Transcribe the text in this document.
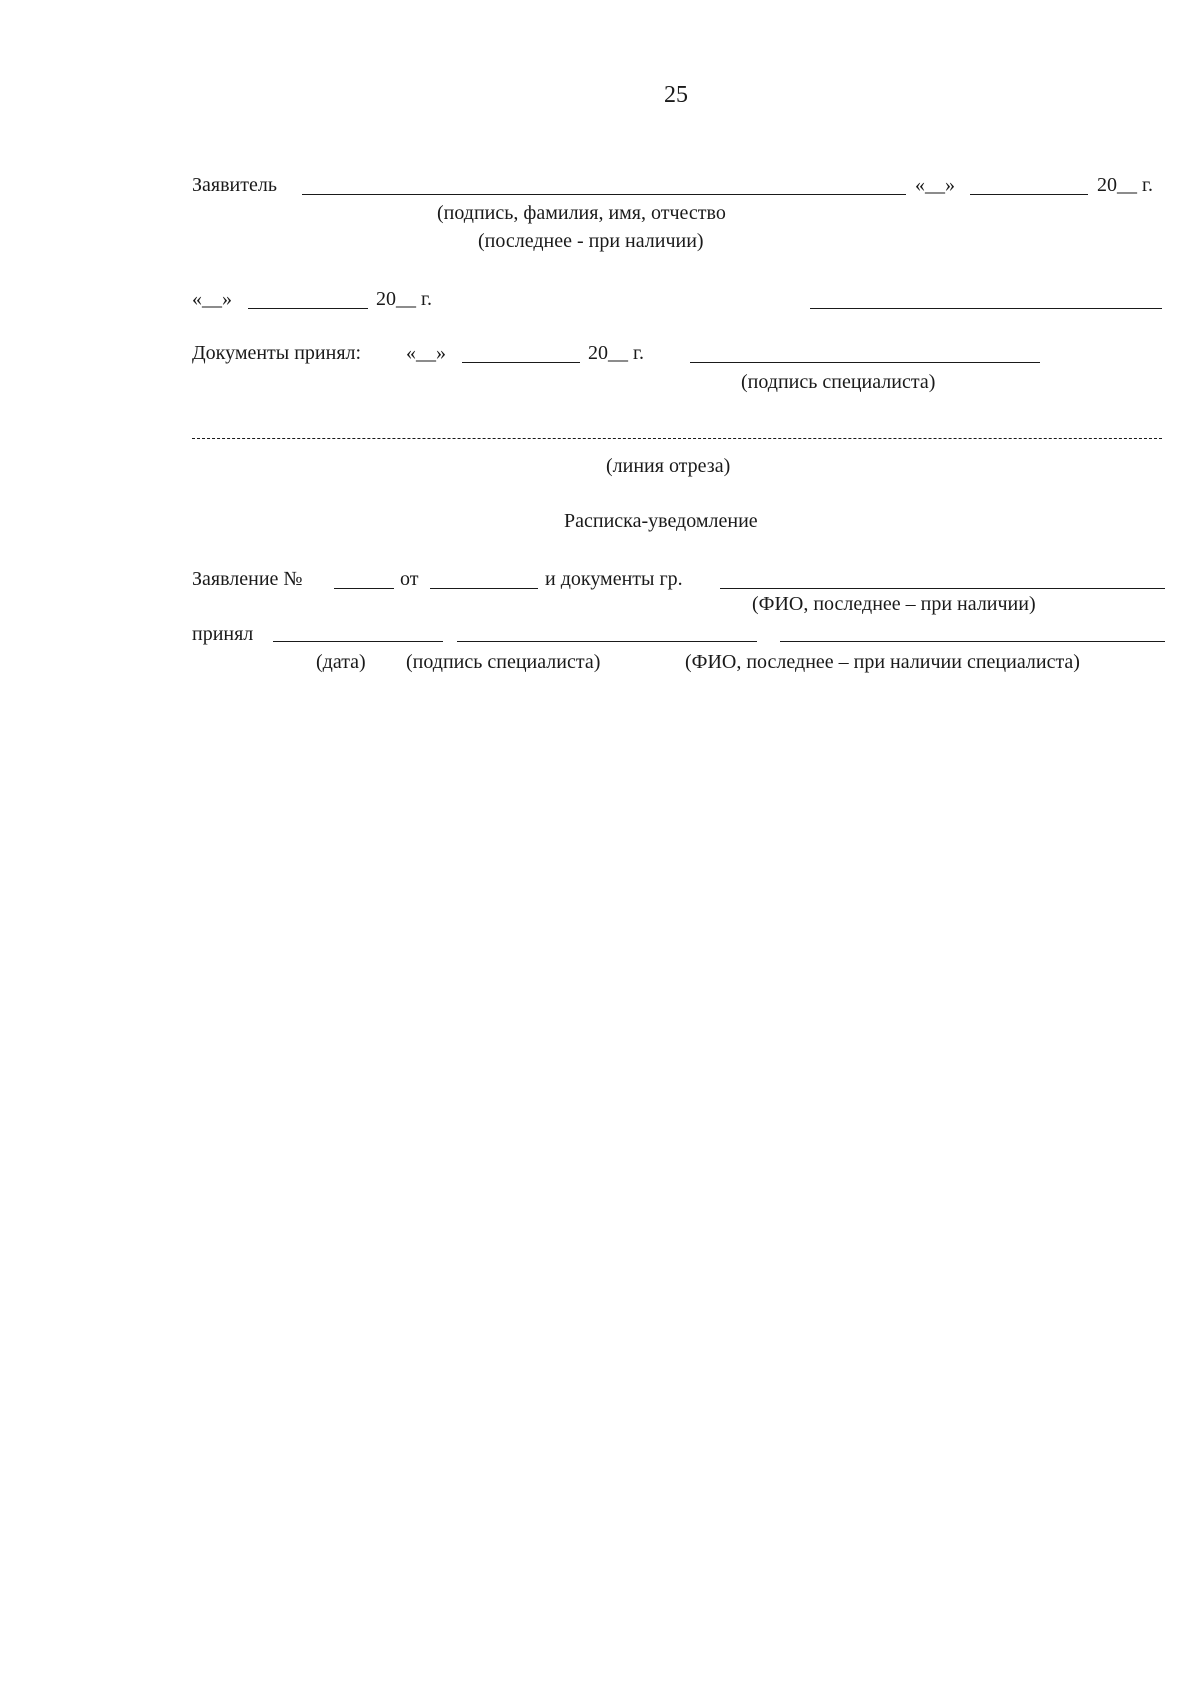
25
Заявитель	«__»	20__ г.
(подпись, фамилия, имя, отчество
(последнее - при наличии)
«__»	20__ г.
Документы принял: «__»	20__ г.
(подпись специалиста)
(линия отреза)
Расписка-уведомление
Заявление №	от	и документы гр.
(ФИО, последнее – при наличии)
принял
(дата) (подпись специалиста)	(ФИО, последнее – при наличии специалиста)
